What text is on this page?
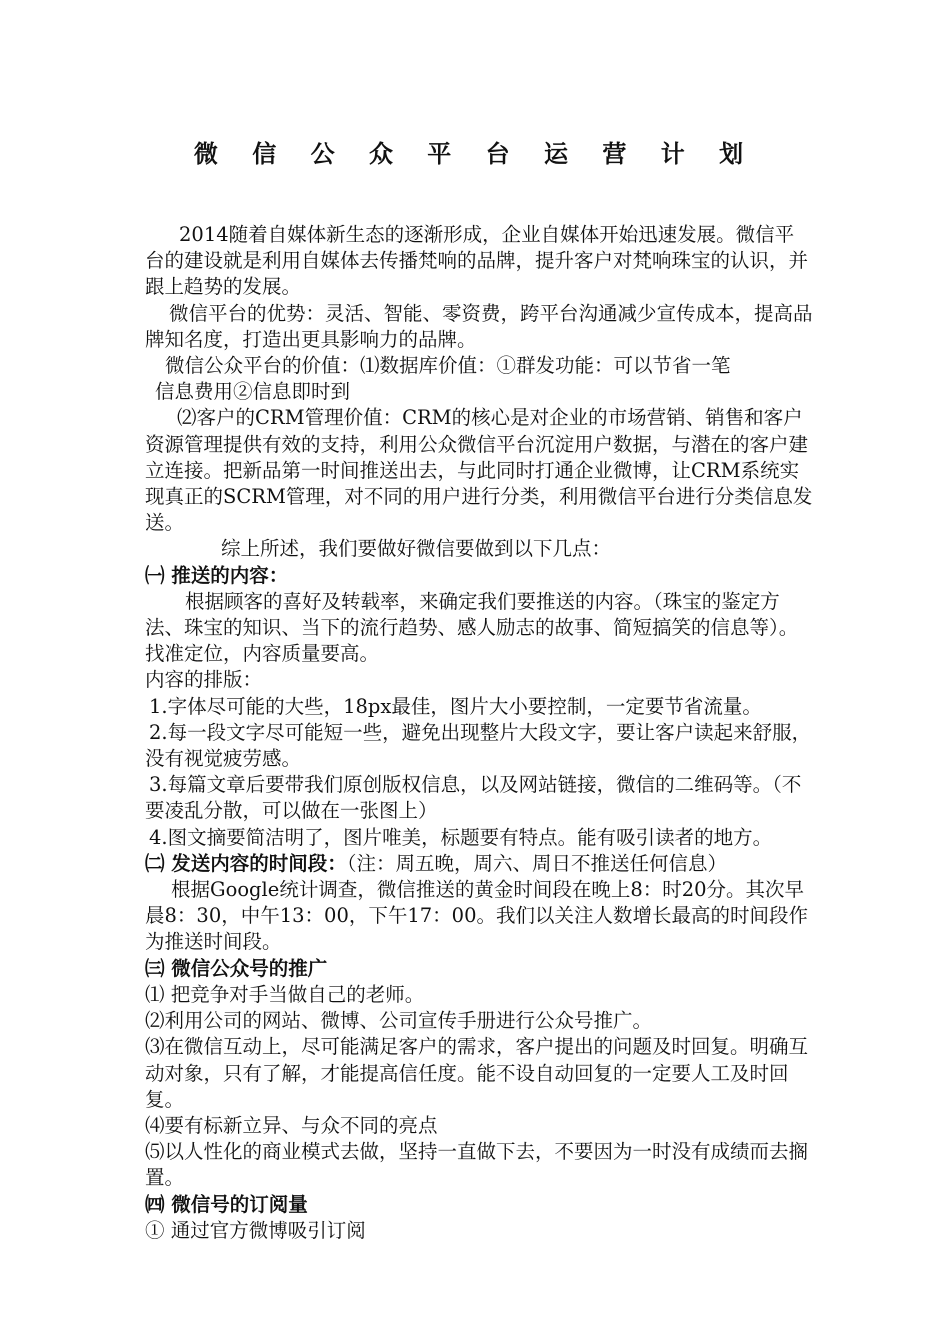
微 信 公 众 平 台 运 营 计 划

2014随着自媒体新生态的逐渐形成，企业自媒体开始迅速发展。微信平台的建设就是利用自媒体去传播梵响的品牌，提升客户对梵响珠宝的认识，并跟上趋势的发展。

微信平台的优势：灵活、智能、零资费，跨平台沟通减少宣传成本，提高品牌知名度，打造出更具影响力的品牌。

微信公众平台的价值：⑴数据库价值：①群发功能：可以节省一笔

信息费用②信息即时到

⑵客户的CRM管理价值：CRM的核心是对企业的市场营销、销售和客户资源管理提供有效的支持，利用公众微信平台沉淀用户数据，与潜在的客户建立连接。把新品第一时间推送出去，与此同时打通企业微博，让CRM系统实现真正的SCRM管理，对不同的用户进行分类，利用微信平台进行分类信息发送。

综上所述，我们要做好微信要做到以下几点：

㈠ 推送的内容：

根据顾客的喜好及转载率，来确定我们要推送的内容。（珠宝的鉴定方法、珠宝的知识、当下的流行趋势、感人励志的故事、简短搞笑的信息等）。找准定位，内容质量要高。

内容的排版：

1.字体尽可能的大些，18px最佳，图片大小要控制，一定要节省流量。

2.每一段文字尽可能短一些，避免出现整片大段文字，要让客户读起来舒服，没有视觉疲劳感。

3.每篇文章后要带我们原创版权信息，以及网站链接，微信的二维码等。（不要凌乱分散，可以做在一张图上）

4.图文摘要简洁明了，图片唯美，标题要有特点。能有吸引读者的地方。

㈡ 发送内容的时间段：（注：周五晚，周六、周日不推送任何信息）

根据Google统计调查，微信推送的黄金时间段在晚上8：时20分。其次早晨8：30，中午13：00，下午17：00。我们以关注人数增长最高的时间段作为推送时间段。

㈢ 微信公众号的推广

⑴ 把竞争对手当做自己的老师。

⑵利用公司的网站、微博、公司宣传手册进行公众号推广。

⑶在微信互动上，尽可能满足客户的需求，客户提出的问题及时回复。明确互动对象，只有了解，才能提高信任度。能不设自动回复的一定要人工及时回复。

⑷要有标新立异、与众不同的亮点

⑸以人性化的商业模式去做，坚持一直做下去，不要因为一时没有成绩而去搁置。

㈣ 微信号的订阅量

① 通过官方微博吸引订阅
